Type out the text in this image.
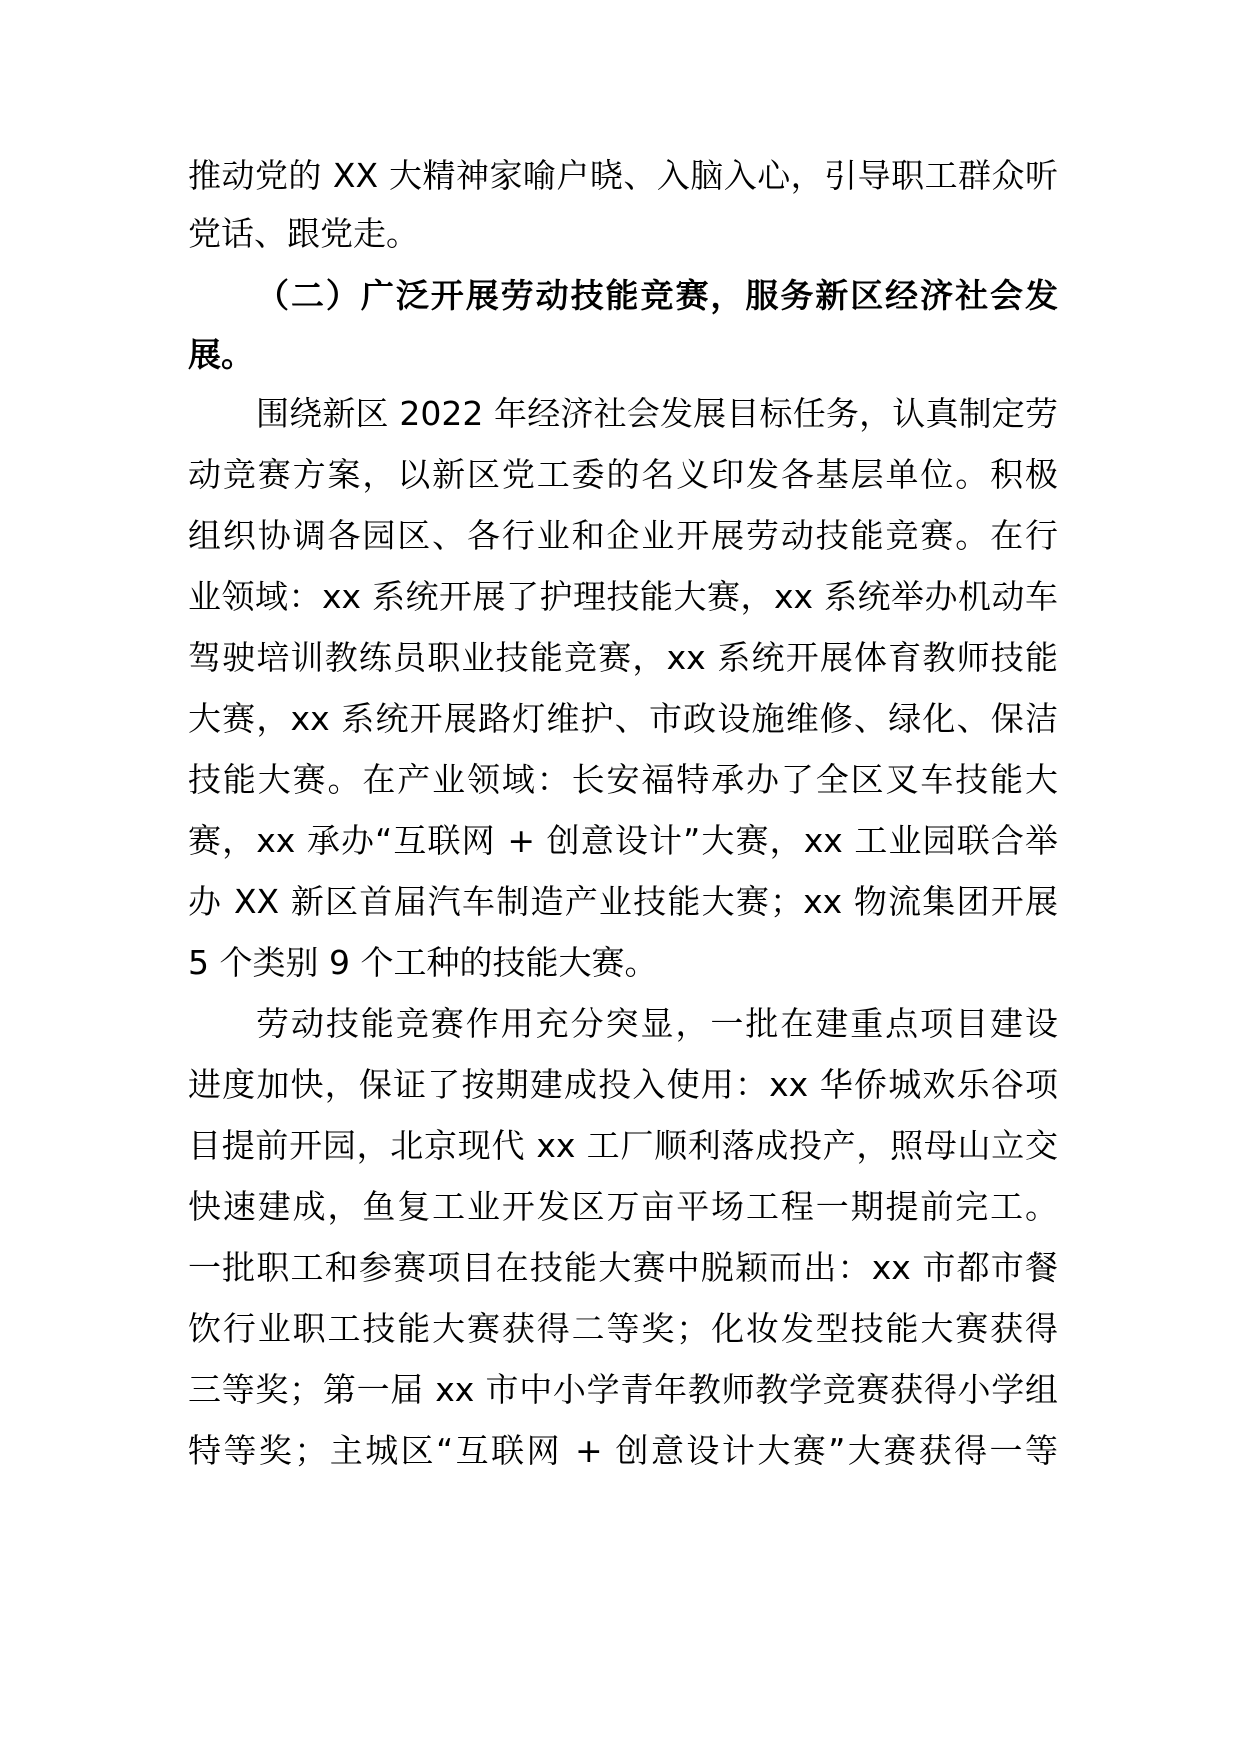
推动党的 XX 大精神家喻户晓、入脑入心，引导职工群众听
党话、跟党走。
（二）广泛开展劳动技能竞赛，服务新区经济社会发
展。
围绕新区 2022 年经济社会发展目标任务，认真制定劳
动竞赛方案，以新区党工委的名义印发各基层单位。积极
组织协调各园区、各行业和企业开展劳动技能竞赛。在行
业领域：xx 系统开展了护理技能大赛，xx 系统举办机动车
驾驶培训教练员职业技能竞赛，xx 系统开展体育教师技能
大赛，xx 系统开展路灯维护、市政设施维修、绿化、保洁
技能大赛。在产业领域：长安福特承办了全区叉车技能大
赛，xx 承办“互联网 + 创意设计”大赛，xx 工业园联合举
办 XX 新区首届汽车制造产业技能大赛；xx 物流集团开展
5 个类别 9 个工种的技能大赛。
劳动技能竞赛作用充分突显，一批在建重点项目建设
进度加快，保证了按期建成投入使用：xx 华侨城欢乐谷项
目提前开园，北京现代 xx 工厂顺利落成投产，照母山立交
快速建成，鱼复工业开发区万亩平场工程一期提前完工。
一批职工和参赛项目在技能大赛中脱颖而出：xx 市都市餐
饮行业职工技能大赛获得二等奖；化妆发型技能大赛获得
三等奖；第一届 xx 市中小学青年教师教学竞赛获得小学组
特等奖；主城区“互联网 + 创意设计大赛”大赛获得一等
